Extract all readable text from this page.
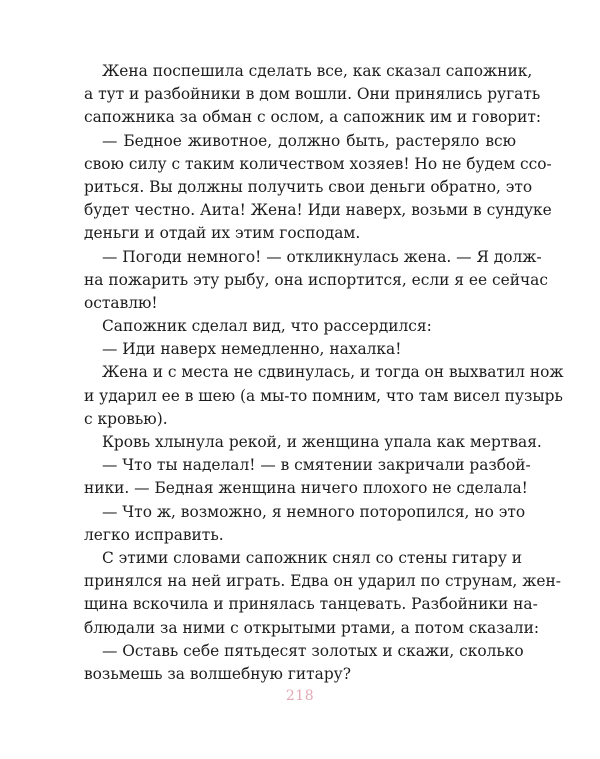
Жена поспешила сделать все, как сказал сапожник,
а тут и разбойники в дом вошли. Они принялись ругать
сапожника за обман с ослом, а сапожник им и говорит:
— Бедное животное, должно быть, растеряло всю
свою силу с таким количеством хозяев! Но не будем ссо-
риться. Вы должны получить свои деньги обратно, это
будет честно. Аита! Жена! Иди наверх, возьми в сундуке
деньги и отдай их этим господам.
— Погоди немного! — откликнулась жена. — Я долж-
на пожарить эту рыбу, она испортится, если я ее сейчас
оставлю!
Сапожник сделал вид, что рассердился:
— Иди наверх немедленно, нахалка!
Жена и с места не сдвинулась, и тогда он выхватил нож
и ударил ее в шею (а мы-то помним, что там висел пузырь
с кровью).
Кровь хлынула рекой, и женщина упала как мертвая.
— Что ты наделал! — в смятении закричали разбой-
ники. — Бедная женщина ничего плохого не сделала!
— Что ж, возможно, я немного поторопился, но это
легко исправить.
С этими словами сапожник снял со стены гитару и
принялся на ней играть. Едва он ударил по струнам, жен-
щина вскочила и принялась танцевать. Разбойники на-
блюдали за ними с открытыми ртами, а потом сказали:
— Оставь себе пятьдесят золотых и скажи, сколько
возьмешь за волшебную гитару?
218
